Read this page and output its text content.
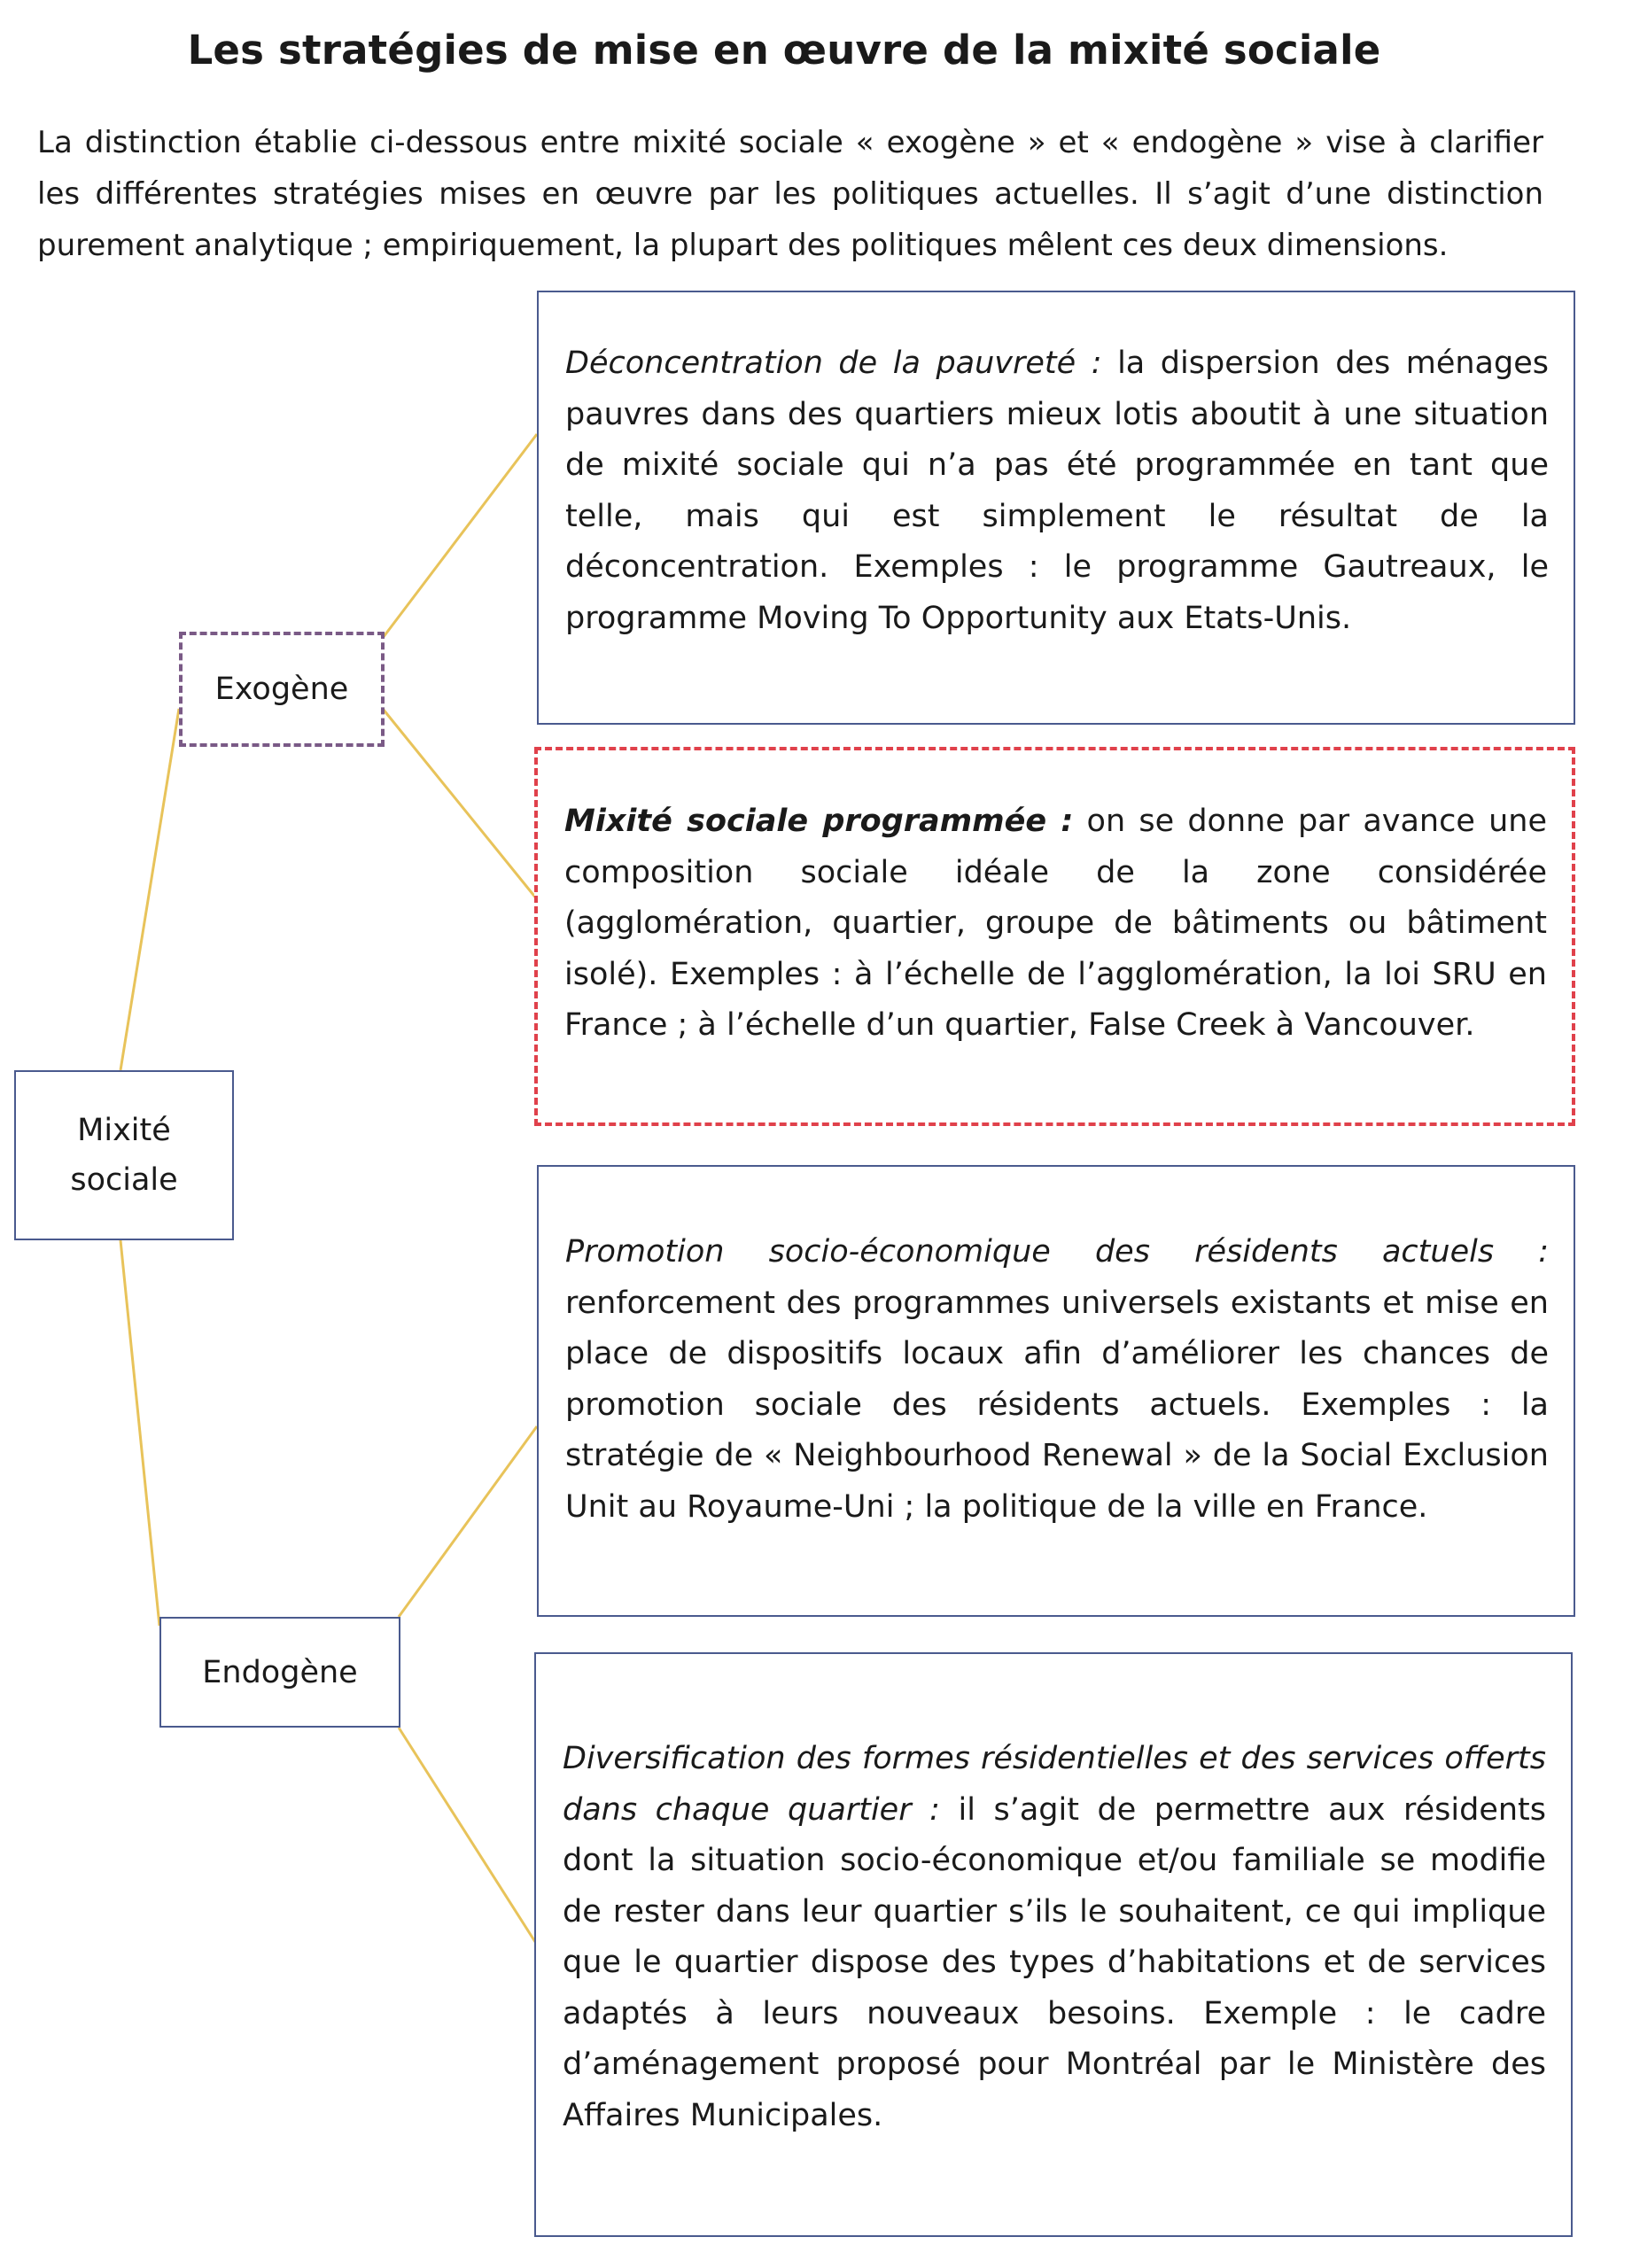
Les stratégies de mise en œuvre de la mixité sociale
La distinction établie ci-dessous entre mixité sociale « exogène » et « endogène » vise à clarifier les différentes stratégies mises en œuvre par les politiques actuelles. Il s’agit d’une distinction purement analytique ; empiriquement, la plupart des politiques mêlent ces deux dimensions.
Mixité
sociale
Exogène
Endogène

Déconcentration de la pauvreté : la dispersion des ménages pauvres dans des quartiers mieux lotis aboutit à une situation de mixité sociale qui n’a pas été programmée en tant que telle, mais qui est simplement le résultat de la déconcentration. Exemples : le programme Gautreaux, le programme Moving To Opportunity aux Etats-Unis.

Mixité sociale programmée : on se donne par avance une composition sociale idéale de la zone considérée (agglomération, quartier, groupe de bâtiments ou bâtiment isolé). Exemples : à l’échelle de l’agglomération, la loi SRU en France ; à l’échelle d’un quartier, False Creek à Vancouver.

Promotion socio-économique des résidents actuels : renforcement des programmes universels existants et mise en place de dispositifs locaux afin d’améliorer les chances de promotion sociale des résidents actuels. Exemples : la stratégie de « Neighbourhood Renewal » de la Social Exclusion Unit au Royaume-Uni ; la politique de la ville en France.

Diversification des formes résidentielles et des services offerts dans chaque quartier : il s’agit de permettre aux résidents dont la situation socio-économique et/ou familiale se modifie de rester dans leur quartier s’ils le souhaitent, ce qui implique que le quartier dispose des types d’habitations et de services adaptés à leurs nouveaux besoins. Exemple : le cadre d’aménagement proposé pour Montréal par le Ministère des Affaires Municipales.
